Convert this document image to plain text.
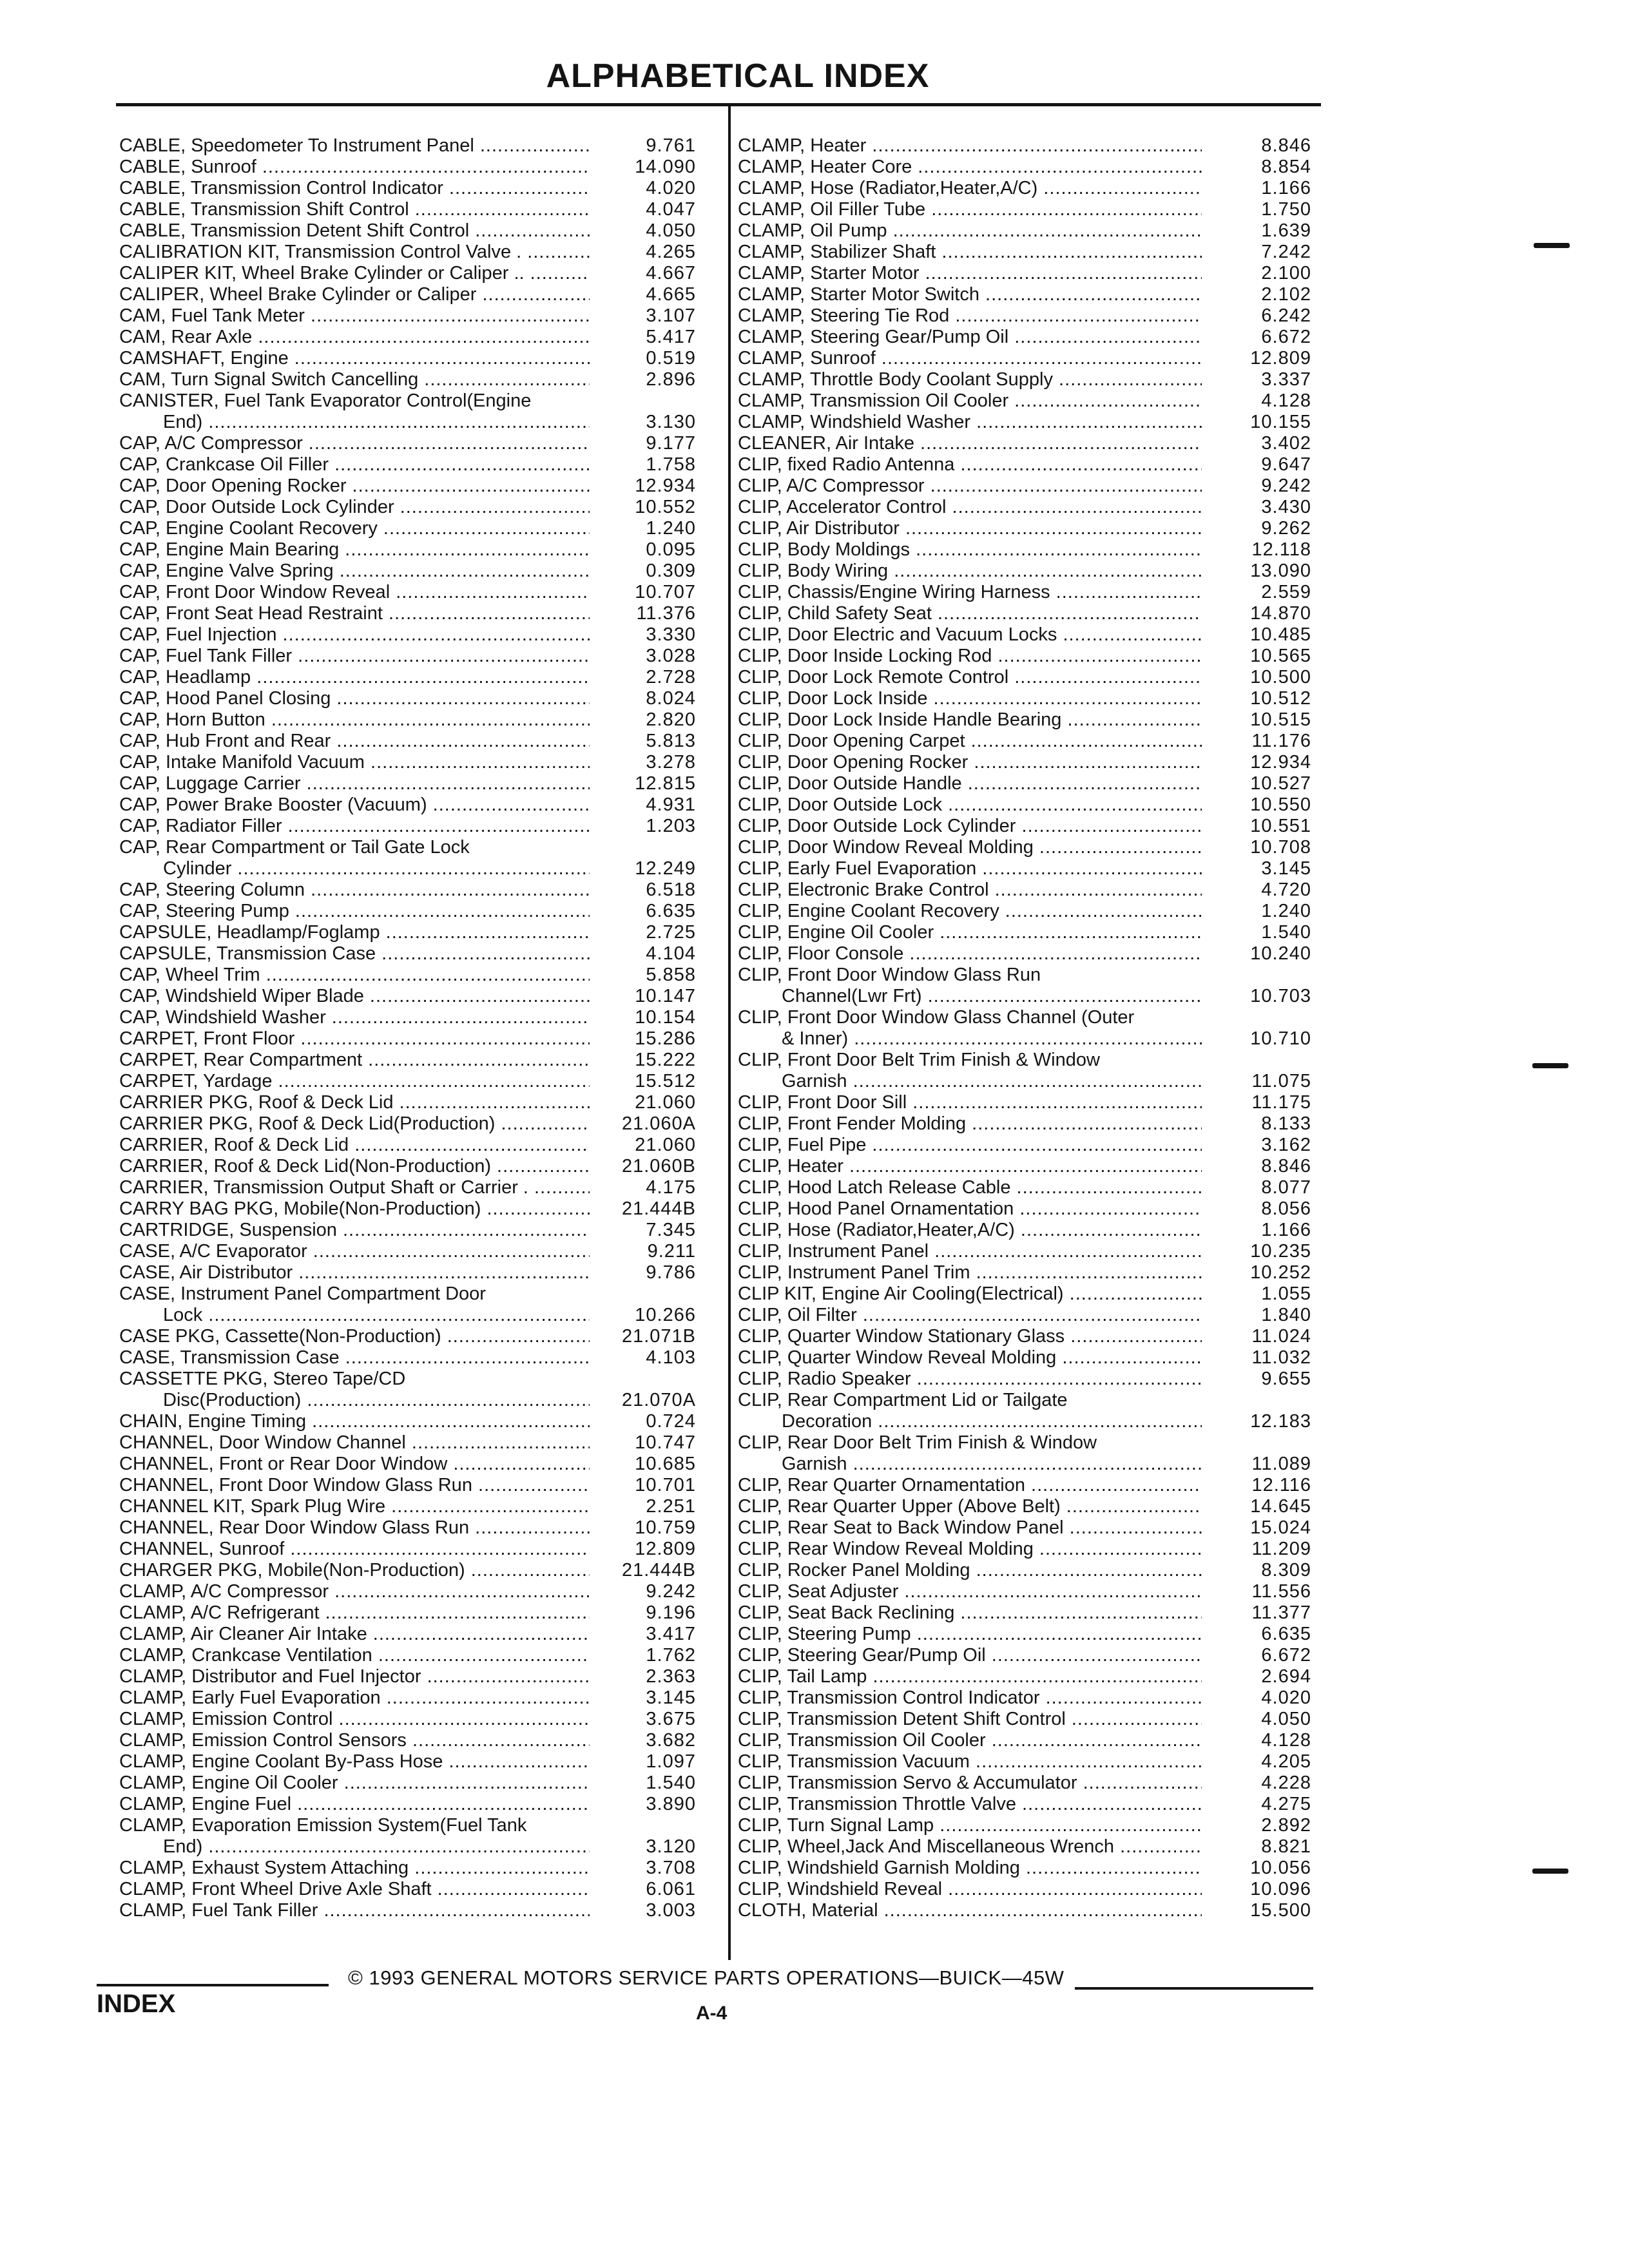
ALPHABETICAL INDEX
CABLE, Speedometer To Instrument Panel .....	9.761
CABLE, Sunroof .....	14.090
CABLE, Transmission Control Indicator .....	4.020
CABLE, Transmission Shift Control .....	4.047
CABLE, Transmission Detent Shift Control .....	4.050
CALIBRATION KIT, Transmission Control Valve . .....	4.265
CALIPER KIT, Wheel Brake Cylinder or Caliper .. .....	4.667
CALIPER, Wheel Brake Cylinder or Caliper .....	4.665
CAM, Fuel Tank Meter .....	3.107
CAM, Rear Axle .....	5.417
CAMSHAFT, Engine .....	0.519
CAM, Turn Signal Switch Cancelling .....	2.896
CANISTER, Fuel Tank Evaporator Control(Engine
End) .....	3.130
CAP, A/C Compressor .....	9.177
CAP, Crankcase Oil Filler .....	1.758
CAP, Door Opening Rocker .....	12.934
CAP, Door Outside Lock Cylinder .....	10.552
CAP, Engine Coolant Recovery .....	1.240
CAP, Engine Main Bearing .....	0.095
CAP, Engine Valve Spring .....	0.309
CAP, Front Door Window Reveal .....	10.707
CAP, Front Seat Head Restraint .....	11.376
CAP, Fuel Injection .....	3.330
CAP, Fuel Tank Filler .....	3.028
CAP, Headlamp .....	2.728
CAP, Hood Panel Closing .....	8.024
CAP, Horn Button .....	2.820
CAP, Hub Front and Rear .....	5.813
CAP, Intake Manifold Vacuum .....	3.278
CAP, Luggage Carrier .....	12.815
CAP, Power Brake Booster (Vacuum) .....	4.931
CAP, Radiator Filler .....	1.203
CAP, Rear Compartment or Tail Gate Lock
Cylinder .....	12.249
CAP, Steering Column .....	6.518
CAP, Steering Pump .....	6.635
CAPSULE, Headlamp/Foglamp .....	2.725
CAPSULE, Transmission Case .....	4.104
CAP, Wheel Trim .....	5.858
CAP, Windshield Wiper Blade .....	10.147
CAP, Windshield Washer .....	10.154
CARPET, Front Floor .....	15.286
CARPET, Rear Compartment .....	15.222
CARPET, Yardage .....	15.512
CARRIER PKG, Roof & Deck Lid .....	21.060
CARRIER PKG, Roof & Deck Lid(Production) .....	21.060A
CARRIER, Roof & Deck Lid .....	21.060
CARRIER, Roof & Deck Lid(Non-Production) .....	21.060B
CARRIER, Transmission Output Shaft or Carrier . .....	4.175
CARRY BAG PKG, Mobile(Non-Production) .....	21.444B
CARTRIDGE, Suspension .....	7.345
CASE, A/C Evaporator .....	9.211
CASE, Air Distributor .....	9.786
CASE, Instrument Panel Compartment Door
Lock .....	10.266
CASE PKG, Cassette(Non-Production) .....	21.071B
CASE, Transmission Case .....	4.103
CASSETTE PKG, Stereo Tape/CD
Disc(Production) .....	21.070A
CHAIN, Engine Timing .....	0.724
CHANNEL, Door Window Channel .....	10.747
CHANNEL, Front or Rear Door Window .....	10.685
CHANNEL, Front Door Window Glass Run .....	10.701
CHANNEL KIT, Spark Plug Wire .....	2.251
CHANNEL, Rear Door Window Glass Run .....	10.759
CHANNEL, Sunroof .....	12.809
CHARGER PKG, Mobile(Non-Production) .....	21.444B
CLAMP, A/C Compressor .....	9.242
CLAMP, A/C Refrigerant .....	9.196
CLAMP, Air Cleaner Air Intake .....	3.417
CLAMP, Crankcase Ventilation .....	1.762
CLAMP, Distributor and Fuel Injector .....	2.363
CLAMP, Early Fuel Evaporation .....	3.145
CLAMP, Emission Control .....	3.675
CLAMP, Emission Control Sensors .....	3.682
CLAMP, Engine Coolant By-Pass Hose .....	1.097
CLAMP, Engine Oil Cooler .....	1.540
CLAMP, Engine Fuel .....	3.890
CLAMP, Evaporation Emission System(Fuel Tank
End) .....	3.120
CLAMP, Exhaust System Attaching .....	3.708
CLAMP, Front Wheel Drive Axle Shaft .....	6.061
CLAMP, Fuel Tank Filler .....	3.003
CLAMP, Heater .....	8.846
CLAMP, Heater Core .....	8.854
CLAMP, Hose (Radiator,Heater,A/C) .....	1.166
CLAMP, Oil Filler Tube .....	1.750
CLAMP, Oil Pump .....	1.639
CLAMP, Stabilizer Shaft .....	7.242
CLAMP, Starter Motor .....	2.100
CLAMP, Starter Motor Switch .....	2.102
CLAMP, Steering Tie Rod .....	6.242
CLAMP, Steering Gear/Pump Oil .....	6.672
CLAMP, Sunroof .....	12.809
CLAMP, Throttle Body Coolant Supply .....	3.337
CLAMP, Transmission Oil Cooler .....	4.128
CLAMP, Windshield Washer .....	10.155
CLEANER, Air Intake .....	3.402
CLIP, fixed Radio Antenna .....	9.647
CLIP, A/C Compressor .....	9.242
CLIP, Accelerator Control .....	3.430
CLIP, Air Distributor .....	9.262
CLIP, Body Moldings .....	12.118
CLIP, Body Wiring .....	13.090
CLIP, Chassis/Engine Wiring Harness .....	2.559
CLIP, Child Safety Seat .....	14.870
CLIP, Door Electric and Vacuum Locks .....	10.485
CLIP, Door Inside Locking Rod .....	10.565
CLIP, Door Lock Remote Control .....	10.500
CLIP, Door Lock Inside .....	10.512
CLIP, Door Lock Inside Handle Bearing .....	10.515
CLIP, Door Opening Carpet .....	11.176
CLIP, Door Opening Rocker .....	12.934
CLIP, Door Outside Handle .....	10.527
CLIP, Door Outside Lock .....	10.550
CLIP, Door Outside Lock Cylinder .....	10.551
CLIP, Door Window Reveal Molding .....	10.708
CLIP, Early Fuel Evaporation .....	3.145
CLIP, Electronic Brake Control .....	4.720
CLIP, Engine Coolant Recovery .....	1.240
CLIP, Engine Oil Cooler .....	1.540
CLIP, Floor Console .....	10.240
CLIP, Front Door Window Glass Run
Channel(Lwr Frt) .....	10.703
CLIP, Front Door Window Glass Channel (Outer
& Inner) .....	10.710
CLIP, Front Door Belt Trim Finish & Window
Garnish .....	11.075
CLIP, Front Door Sill .....	11.175
CLIP, Front Fender Molding .....	8.133
CLIP, Fuel Pipe .....	3.162
CLIP, Heater .....	8.846
CLIP, Hood Latch Release Cable .....	8.077
CLIP, Hood Panel Ornamentation .....	8.056
CLIP, Hose (Radiator,Heater,A/C) .....	1.166
CLIP, Instrument Panel .....	10.235
CLIP, Instrument Panel Trim .....	10.252
CLIP KIT, Engine Air Cooling(Electrical) .....	1.055
CLIP, Oil Filter .....	1.840
CLIP, Quarter Window Stationary Glass .....	11.024
CLIP, Quarter Window Reveal Molding .....	11.032
CLIP, Radio Speaker .....	9.655
CLIP, Rear Compartment Lid or Tailgate
Decoration .....	12.183
CLIP, Rear Door Belt Trim Finish & Window
Garnish .....	11.089
CLIP, Rear Quarter Ornamentation .....	12.116
CLIP, Rear Quarter Upper (Above Belt) .....	14.645
CLIP, Rear Seat to Back Window Panel .....	15.024
CLIP, Rear Window Reveal Molding .....	11.209
CLIP, Rocker Panel Molding .....	8.309
CLIP, Seat Adjuster .....	11.556
CLIP, Seat Back Reclining .....	11.377
CLIP, Steering Pump .....	6.635
CLIP, Steering Gear/Pump Oil .....	6.672
CLIP, Tail Lamp .....	2.694
CLIP, Transmission Control Indicator .....	4.020
CLIP, Transmission Detent Shift Control .....	4.050
CLIP, Transmission Oil Cooler .....	4.128
CLIP, Transmission Vacuum .....	4.205
CLIP, Transmission Servo & Accumulator .....	4.228
CLIP, Transmission Throttle Valve .....	4.275
CLIP, Turn Signal Lamp .....	2.892
CLIP, Wheel,Jack And Miscellaneous Wrench .....	8.821
CLIP, Windshield Garnish Molding .....	10.056
CLIP, Windshield Reveal .....	10.096
CLOTH, Material .....	15.500
© 1993 GENERAL MOTORS SERVICE PARTS OPERATIONS—BUICK—45W
INDEX	A-4
